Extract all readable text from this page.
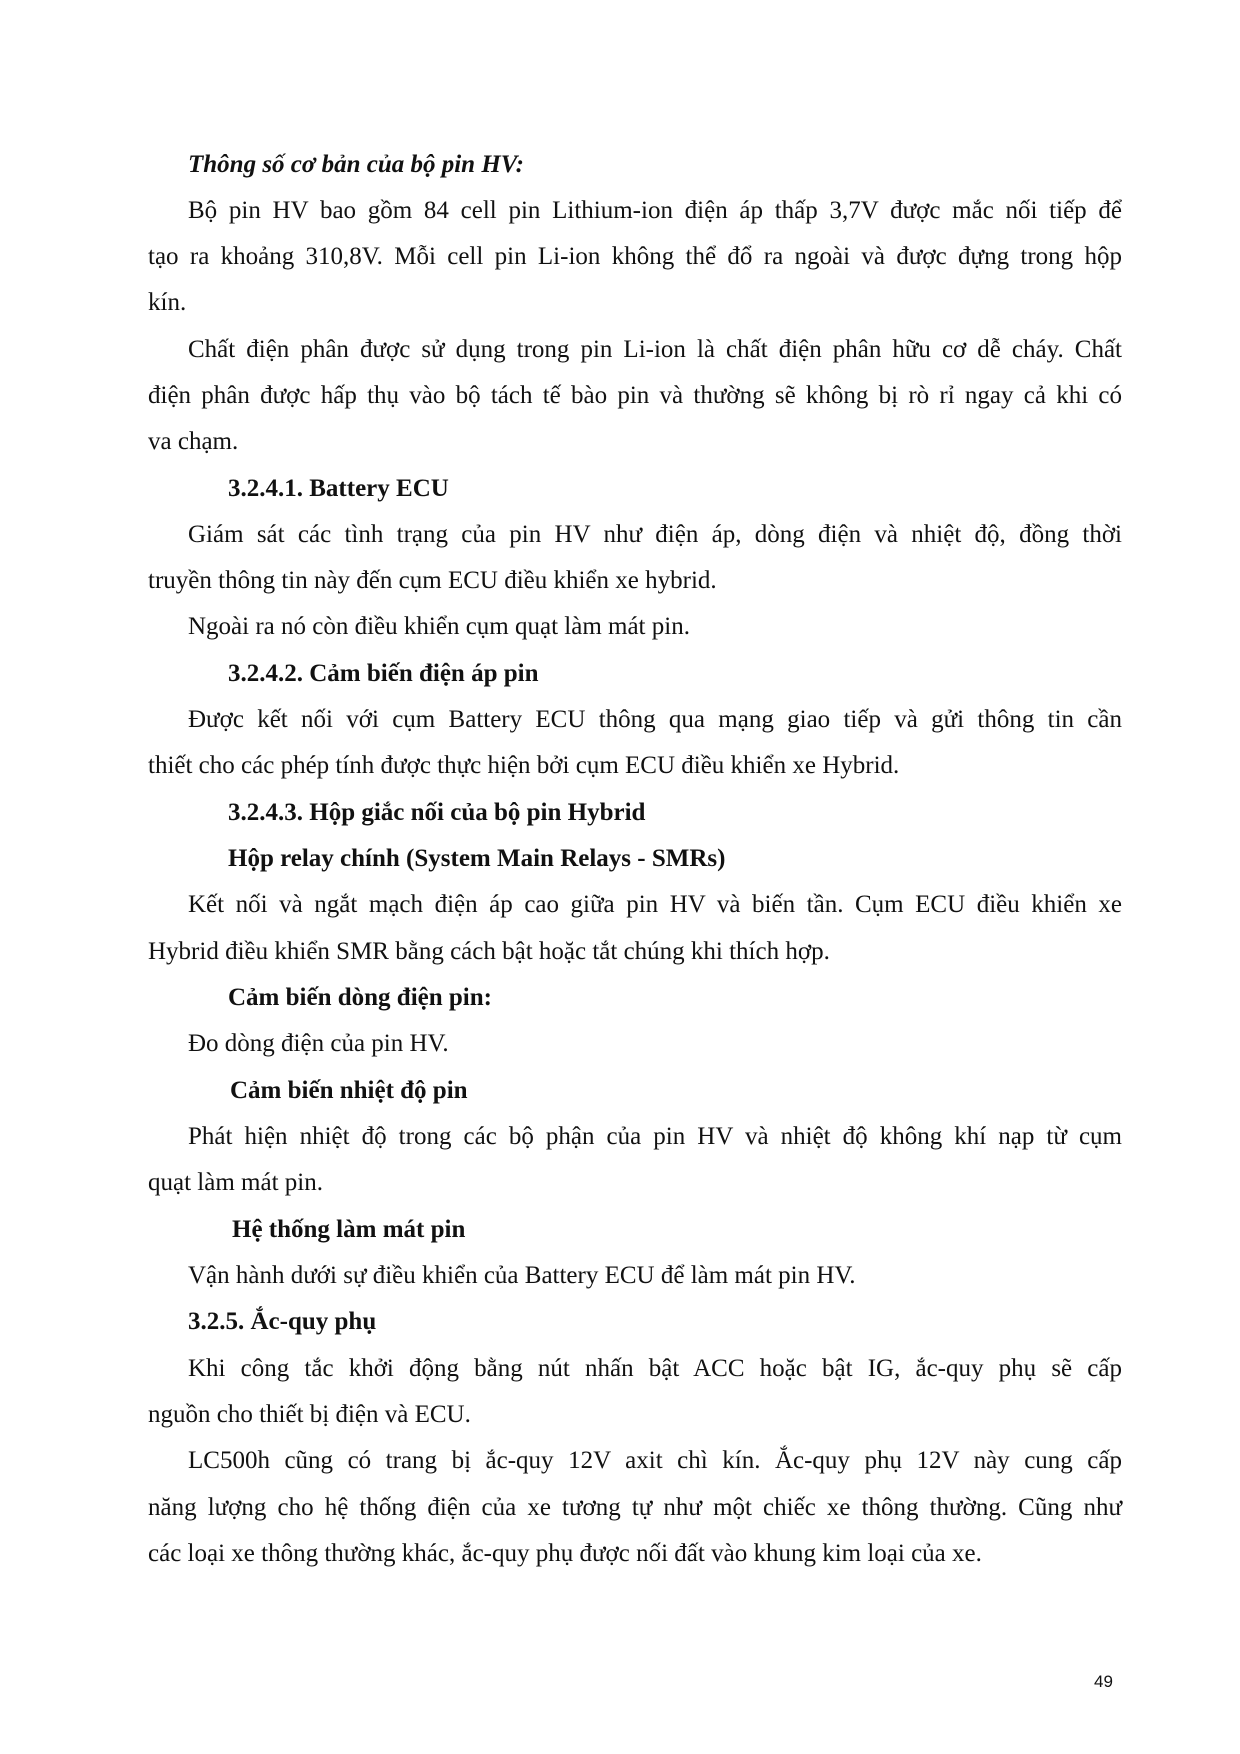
Thông số cơ bản của bộ pin HV:

Bộ pin HV bao gồm 84 cell pin Lithium-ion điện áp thấp 3,7V được mắc nối tiếp để

tạo ra khoảng 310,8V. Mỗi cell pin Li-ion không thể đổ ra ngoài và được đựng trong hộp

kín.

Chất điện phân được sử dụng trong pin Li-ion là chất điện phân hữu cơ dễ cháy. Chất

điện phân được hấp thụ vào bộ tách tế bào pin và thường sẽ không bị rò rỉ ngay cả khi có

va chạm.

3.2.4.1. Battery ECU

Giám sát các tình trạng của pin HV như điện áp, dòng điện và nhiệt độ, đồng thời

truyền thông tin này đến cụm ECU điều khiển xe hybrid.

Ngoài ra nó còn điều khiển cụm quạt làm mát pin.

3.2.4.2. Cảm biến điện áp pin

Được kết nối với cụm Battery ECU thông qua mạng giao tiếp và gửi thông tin cần

thiết cho các phép tính được thực hiện bởi cụm ECU điều khiển xe Hybrid.

3.2.4.3. Hộp giắc nối của bộ pin Hybrid

Hộp relay chính (System Main Relays - SMRs)

Kết nối và ngắt mạch điện áp cao giữa pin HV và biến tần. Cụm ECU điều khiển xe

Hybrid điều khiển SMR bằng cách bật hoặc tắt chúng khi thích hợp.

Cảm biến dòng điện pin:

Đo dòng điện của pin HV.

Cảm biến nhiệt độ pin

Phát hiện nhiệt độ trong các bộ phận của pin HV và nhiệt độ không khí nạp từ cụm

quạt làm mát pin.

Hệ thống làm mát pin

Vận hành dưới sự điều khiển của Battery ECU để làm mát pin HV.

3.2.5. Ắc-quy phụ

Khi công tắc khởi động bằng nút nhấn bật ACC hoặc bật IG, ắc-quy phụ sẽ cấp

nguồn cho thiết bị điện và ECU.

LC500h cũng có trang bị ắc-quy 12V axit chì kín. Ắc-quy phụ 12V này cung cấp

năng lượng cho hệ thống điện của xe tương tự như một chiếc xe thông thường. Cũng như

các loại xe thông thường khác, ắc-quy phụ được nối đất vào khung kim loại của xe.

49
